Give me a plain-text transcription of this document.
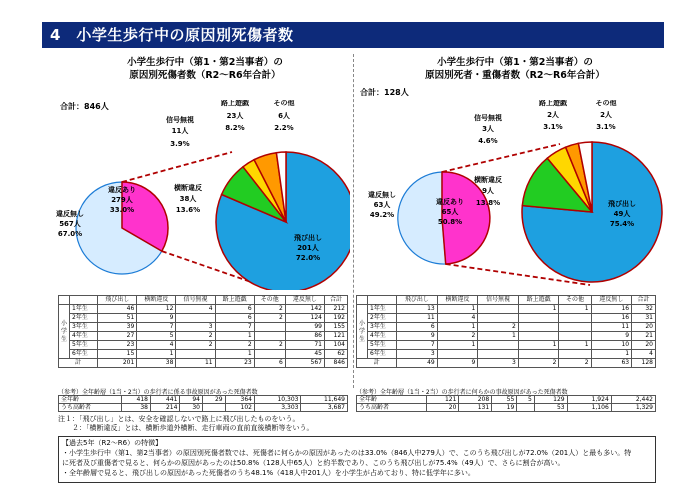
4　小学生歩行中の原因別死傷者数
小学生歩行中（第1・第2当事者）の
原因別死傷者数（R2～R6年合計）
合計：846人
違反あり
279人
33.0%
違反無し
567人
67.0%	飛び出し
201人
72.0%
横断違反
38人
13.6%
信号無視
11人
3.9%
路上遊戯
23人
8.2%
その他
6人
2.2%
小学生歩行中（第1・第2当事者）の
原因別死者・重傷者数（R2～R6年合計）
合計：128人
違反あり
65人
50.8%
違反無し
63人
49.2%
飛び出し
49人
75.4%
横断違反
9人
13.8%
信号無視
3人
4.6%
路上遊戯
2人
3.1%
その他
2人
3.1%
		飛び出し	横断違反	信号無視	路上遊戯	その他	違反無し	合計
小学生	1年生	46	12	4	6	2	142	212
	2年生	51	9		6	2	124	192
	3年生	39	7	3	7		99	155
	4年生	27	5	2	1		86	121
	5年生	23	4	2	2	2	71	104
	6年生	15	1		1		45	62
計		201	38	11	23	6	567	846
		飛び出し	横断違反	信号無視	路上遊戯	その他	違反無し	合計
小学生	1年生	13	1		1	1	16	32
	2年生	11	4				16	31
	3年生	6	1	2			11	20
	4年生	9	2	1			9	21
	5年生	7	1		1	1	10	20
	6年生	3					1	4
計		49	9	3	2	2	63	128
（参考）全年齢層（1当・2当）の歩行者に係る事故原因があった死傷者数
全年齢	418	441	94	29	364	10,303	11,649
うち高齢者	38	214	30		102	3,303	3,687
（参考）全年齢層（1当・2当）の歩行者に何らかの事故原因があった死傷者数
全年齢	121	208	55	5	129	1,924	2,442
うち高齢者	20	131	19		53	1,106	1,329
注１：「飛び出し」とは、安全を確認しないで路上に飛び出したものをいう。
２：「横断違反」とは、横断歩道外横断、走行車両の直前直後横断等をいう。
【過去5年（R2～R6）の特徴】
・小学生歩行中（第1、第2当事者）の原因別死傷者数では、死傷者に何らかの原因があったのは33.0%（846人中279人）で、このうち飛び出しが72.0%（201人）と最も多い。特
に死者及び重傷者で見ると、何らかの原因があったのは50.8%（128人中65人）と約半数であり、このうち飛び出しが75.4%（49人）で、さらに割合が高い。
・全年齢層で見ると、飛び出しの原因があった死傷者のうち48.1%（418人中201人）を小学生が占めており、特に低学年に多い。
